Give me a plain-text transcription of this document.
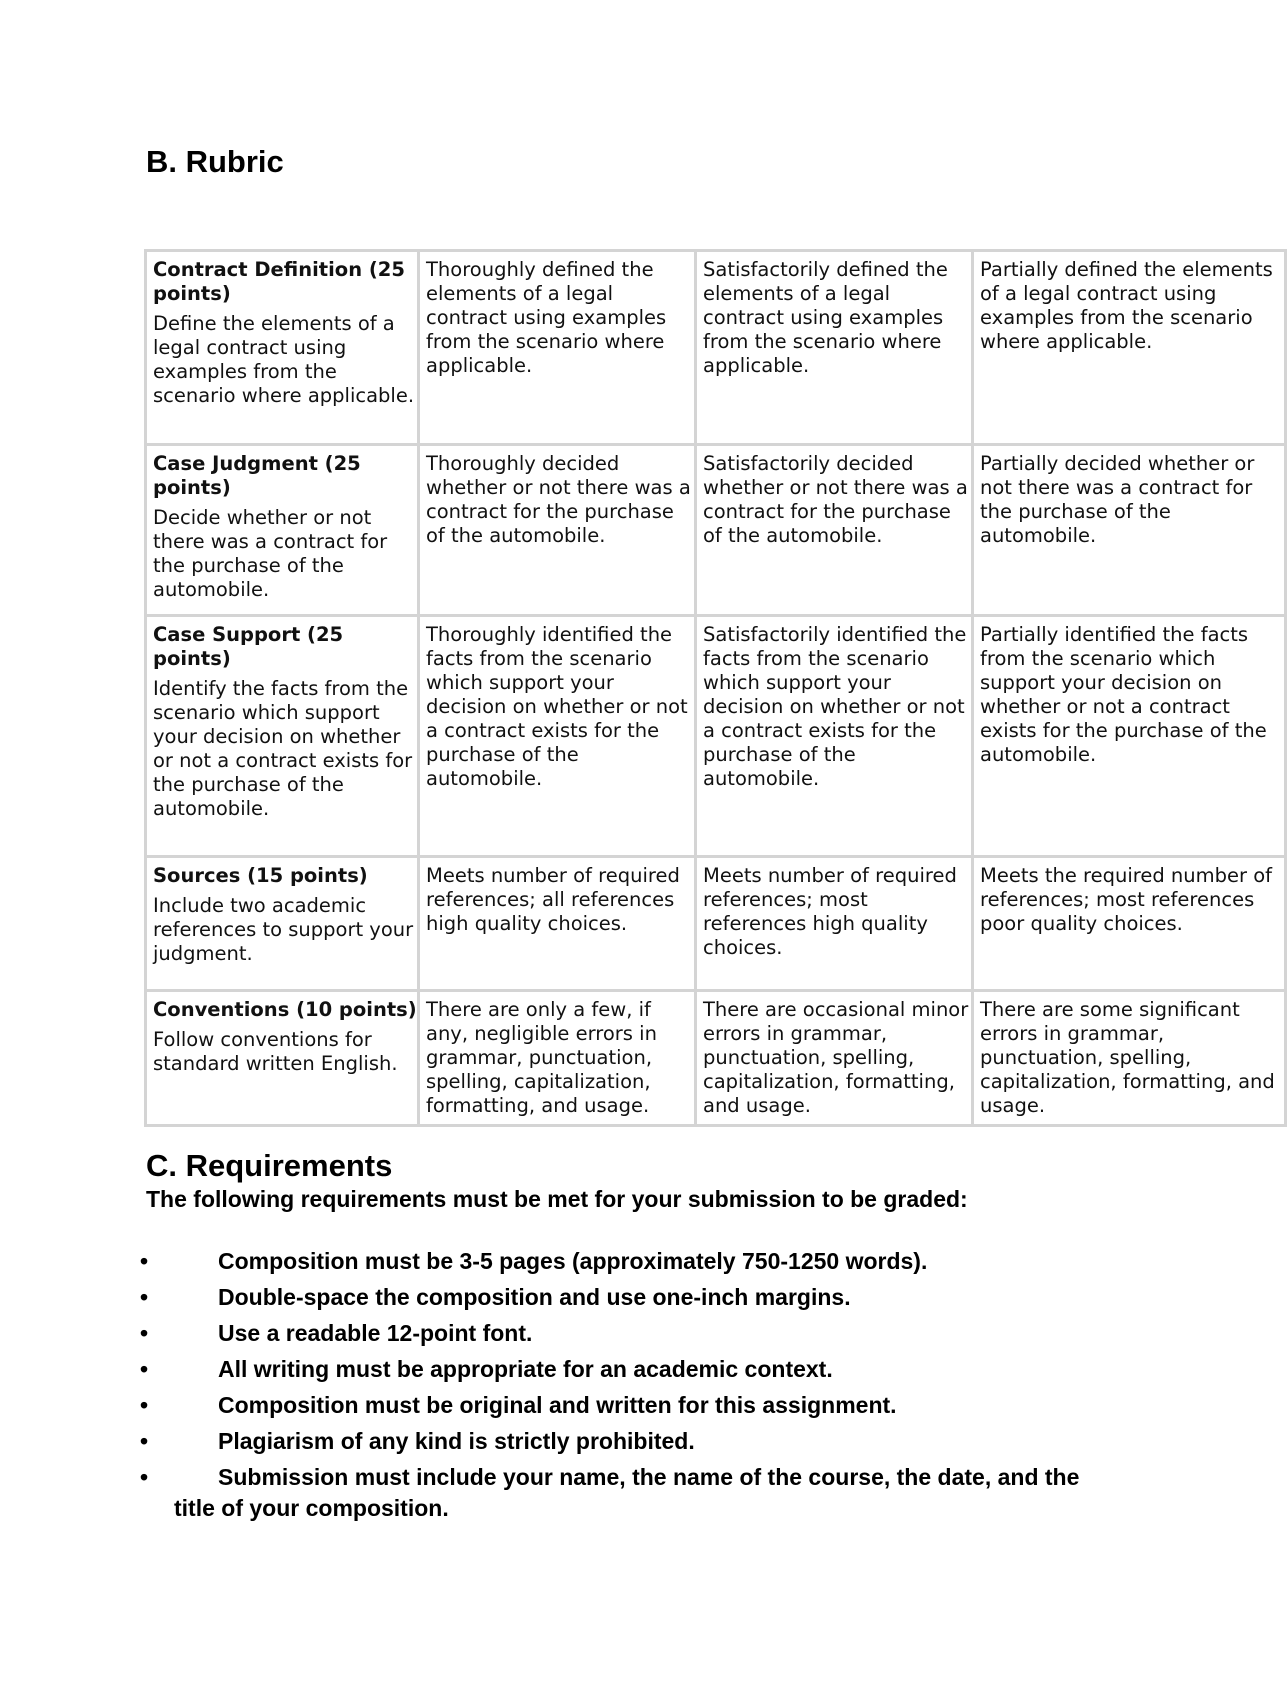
B. Rubric
Contract Definition (25 points)
Define the elements of a legal contract using examples from the scenario where applicable.	Thoroughly defined the elements of a legal contract using examples from the scenario where applicable.	Satisfactorily defined the elements of a legal contract using examples from the scenario where applicable.	Partially defined the elements of a legal contract using examples from the scenario where applicable.

Case Judgment (25 points)
Decide whether or not there was a contract for the purchase of the automobile.	Thoroughly decided whether or not there was a contract for the purchase of the automobile.	Satisfactorily decided whether or not there was a contract for the purchase of the automobile.	Partially decided whether or not there was a contract for the purchase of the automobile.

Case Support (25 points)
Identify the facts from the scenario which support your decision on whether or not a contract exists for the purchase of the automobile.	Thoroughly identified the facts from the scenario which support your decision on whether or not a contract exists for the purchase of the automobile.	Satisfactorily identified the facts from the scenario which support your decision on whether or not a contract exists for the purchase of the automobile.	Partially identified the facts from the scenario which support your decision on whether or not a contract exists for the purchase of the automobile.

Sources (15 points)
Include two academic references to support your judgment.	Meets number of required references; all references high quality choices.	Meets number of required references; most references high quality choices.	Meets the required number of references; most references poor quality choices.

Conventions (10 points)
Follow conventions for standard written English.	There are only a few, if any, negligible errors in grammar, punctuation, spelling, capitalization, formatting, and usage.	There are occasional minor errors in grammar, punctuation, spelling, capitalization, formatting, and usage.	There are some significant errors in grammar, punctuation, spelling, capitalization, formatting, and usage.
C. Requirements

The following requirements must be met for your submission to be graded:

•	Composition must be 3-5 pages (approximately 750-1250 words).
•	Double-space the composition and use one-inch margins.
•	Use a readable 12-point font.
•	All writing must be appropriate for an academic context.
•	Composition must be original and written for this assignment.
•	Plagiarism of any kind is strictly prohibited.
•	Submission must include your name, the name of the course, the date, and the title of your composition.
